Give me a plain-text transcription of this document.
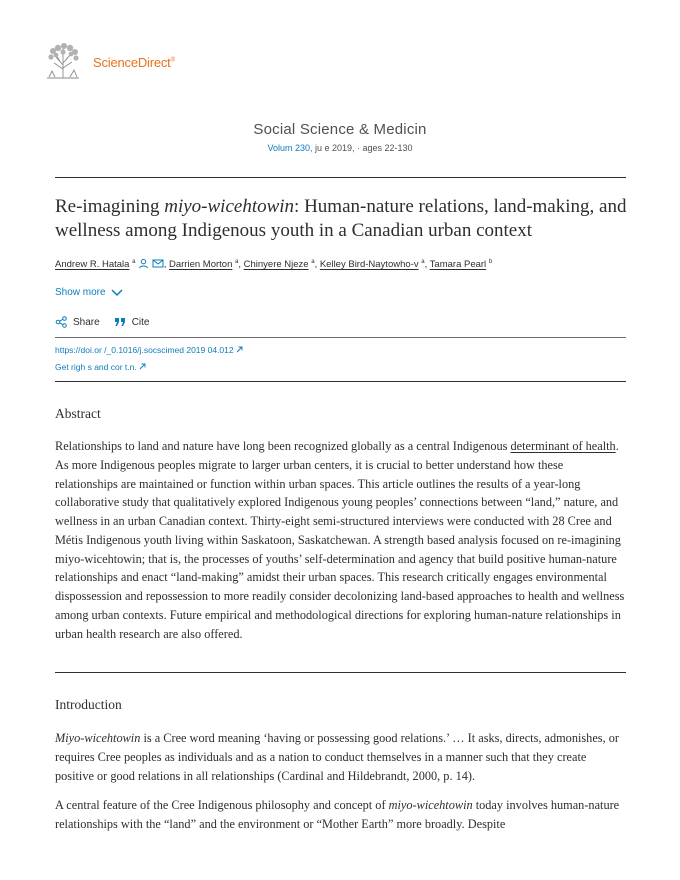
ScienceDirect®
Social Science & Medicin
Volum 230, ju e 2019, · ages 22-130
Re-imagining miyo-wicehtowin: Human-nature relations, land-making, and wellness among Indigenous youth in a Canadian urban context
Andrew R. Hatala $^a$	, Darrien Morton $^a$, Chinyere Njeze $^a$, Kelley Bird-Naytowho-v $^a$, Tamara Pearl $^b$
Show more
Share	Cite
https://doi.or /_0.1016/j.socscimed 2019 04.012
Get righ s and cor t.n.
Abstract

Relationships to land and nature have long been recognized globally as a central Indigenous determinant of health. As more Indigenous peoples migrate to larger urban centers, it is crucial to better understand how these relationships are maintained or function within urban spaces. This article outlines the results of a year-long collaborative study that qualitatively explored Indigenous young peoples’ connections between “land,” nature, and wellness in an urban Canadian context. Thirty-eight semi-structured interviews were conducted with 28 Cree and Métis Indigenous youth living within Saskatoon, Saskatchewan. A strength based analysis focused on re-imagining miyo-wicehtowin; that is, the processes of youths’ self-determination and agency that build positive human-nature relationships and enact “land-making” amidst their urban spaces. This research critically engages environmental dispossession and repossession to more readily consider decolonizing land-based approaches to health and wellness among urban contexts. Future empirical and methodological directions for exploring human-nature relationships in urban health research are also offered.

Introduction

Miyo-wicehtowin is a Cree word meaning ‘having or possessing good relations.’ … It asks, directs, admonishes, or requires Cree peoples as individuals and as a nation to conduct themselves in a manner such that they create positive or good relations in all relationships (Cardinal and Hildebrandt, 2000, p. 14).

A central feature of the Cree Indigenous philosophy and concept of miyo-wicehtowin today involves human-nature relationships with the “land” and the environment or “Mother Earth” more broadly. Despite
